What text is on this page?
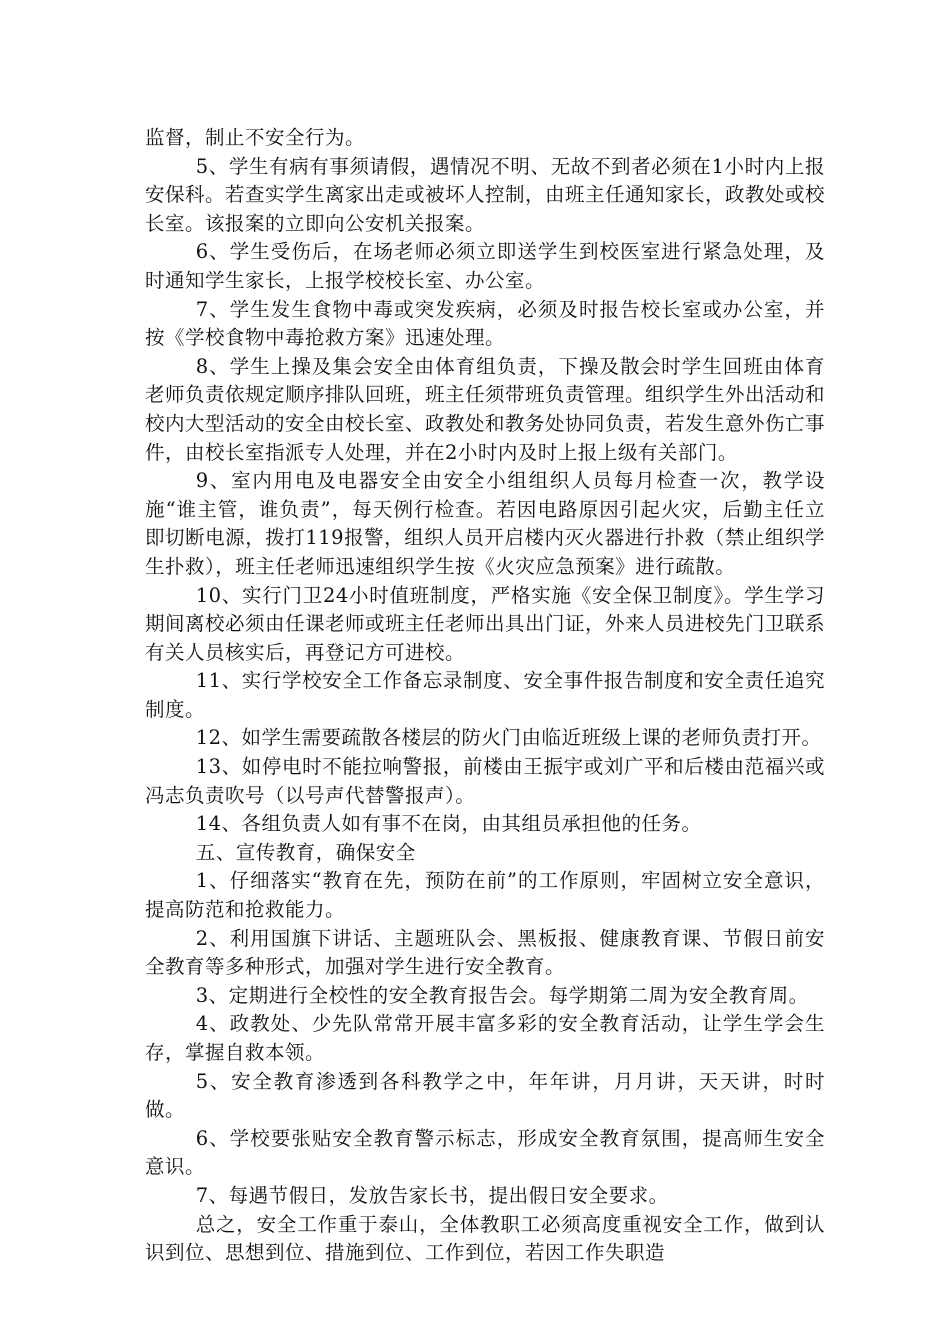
监督，制止不安全行为。

5、学生有病有事须请假，遇情况不明、无故不到者必须在1小时内上报安保科。若查实学生离家出走或被坏人控制，由班主任通知家长，政教处或校长室。该报案的立即向公安机关报案。

6、学生受伤后，在场老师必须立即送学生到校医室进行紧急处理，及时通知学生家长，上报学校校长室、办公室。

7、学生发生食物中毒或突发疾病，必须及时报告校长室或办公室，并按《学校食物中毒抢救方案》迅速处理。

8、学生上操及集会安全由体育组负责，下操及散会时学生回班由体育老师负责依规定顺序排队回班，班主任须带班负责管理。组织学生外出活动和校内大型活动的安全由校长室、政教处和教务处协同负责，若发生意外伤亡事件，由校长室指派专人处理，并在2小时内及时上报上级有关部门。

9、室内用电及电器安全由安全小组组织人员每月检查一次，教学设施“谁主管，谁负责”，每天例行检查。若因电路原因引起火灾，后勤主任立即切断电源，拨打119报警，组织人员开启楼内灭火器进行扑救（禁止组织学生扑救），班主任老师迅速组织学生按《火灾应急预案》进行疏散。

10、实行门卫24小时值班制度，严格实施《安全保卫制度》。学生学习期间离校必须由任课老师或班主任老师出具出门证，外来人员进校先门卫联系有关人员核实后，再登记方可进校。

11、实行学校安全工作备忘录制度、安全事件报告制度和安全责任追究制度。

12、如学生需要疏散各楼层的防火门由临近班级上课的老师负责打开。

13、如停电时不能拉响警报，前楼由王振宇或刘广平和后楼由范福兴或冯志负责吹号（以号声代替警报声）。

14、各组负责人如有事不在岗，由其组员承担他的任务。

五、宣传教育，确保安全

1、仔细落实“教育在先，预防在前”的工作原则，牢固树立安全意识，提高防范和抢救能力。

2、利用国旗下讲话、主题班队会、黑板报、健康教育课、节假日前安全教育等多种形式，加强对学生进行安全教育。

3、定期进行全校性的安全教育报告会。每学期第二周为安全教育周。

4、政教处、少先队常常开展丰富多彩的安全教育活动，让学生学会生存，掌握自救本领。

5、安全教育渗透到各科教学之中，年年讲，月月讲，天天讲，时时做。

6、学校要张贴安全教育警示标志，形成安全教育氛围，提高师生安全意识。

7、每遇节假日，发放告家长书，提出假日安全要求。

总之，安全工作重于泰山，全体教职工必须高度重视安全工作，做到认识到位、思想到位、措施到位、工作到位，若因工作失职造
